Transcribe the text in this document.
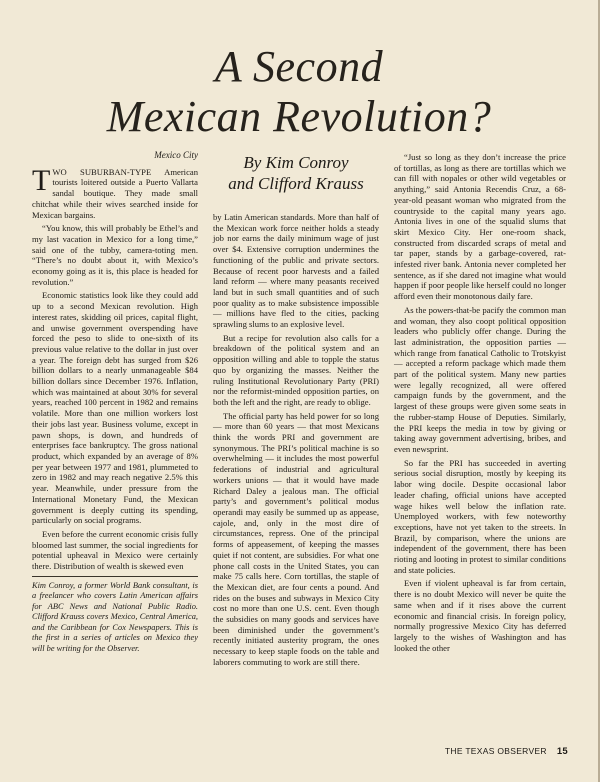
A Second
Mexican Revolution?
Mexico City

TWO SUBURBAN-TYPE American tourists loitered outside a Puerto Vallarta sandal boutique. They made small chitchat while their wives searched inside for Mexican bargains.

“You know, this will probably be Ethel’s and my last vacation in Mexico for a long time,” said one of the tubby, camera-toting men. “There’s no doubt about it, with Mexico’s economy going as it is, this place is headed for revolution.”

Economic statistics look like they could add up to a second Mexican revolution. High interest rates, skidding oil prices, capital flight, and unwise government overspending have forced the peso to slide to one-sixth of its previous value relative to the dollar in just over a year. The foreign debt has surged from $26 billion dollars to a nearly unmanageable $84 billion dollars since December 1976. Inflation, which was maintained at about 30% for several years, reached 100 percent in 1982 and remains volatile. More than one million workers lost their jobs last year. Business volume, except in pawn shops, is down, and hundreds of enterprises face bankruptcy. The gross national product, which expanded by an average of 8% per year between 1977 and 1981, plummeted to zero in 1982 and may reach negative 2.5% this year. Meanwhile, under pressure from the International Monetary Fund, the Mexican government is deeply cutting its spending, particularly on social programs.

Even before the current economic crisis fully bloomed last summer, the social ingredients for potential upheaval in Mexico were certainly there. Distribution of wealth is skewed even

Kim Conroy, a former World Bank consultant, is a freelancer who covers Latin American affairs for ABC News and National Public Radio. Clifford Krauss covers Mexico, Central America, and the Caribbean for Cox Newspapers. This is the first in a series of articles on Mexico they will be writing for the Observer.

By Kim Conroy
and Clifford Krauss

by Latin American standards. More than half of the Mexican work force neither holds a steady job nor earns the daily minimum wage of just over $4. Extensive corruption undermines the functioning of the public and private sectors. Because of recent poor harvests and a failed land reform — where many peasants received land but in such small quantities and of such poor quality as to make subsistence impossible — millions have fled to the cities, packing sprawling slums to an explosive level.

But a recipe for revolution also calls for a breakdown of the political system and an opposition willing and able to topple the status quo by organizing the masses. Neither the ruling Institutional Revolutionary Party (PRI) nor the reformist-minded opposition parties, on both the left and the right, are ready to oblige.

The official party has held power for so long — more than 60 years — that most Mexicans think the words PRI and government are synonymous. The PRI’s political machine is so overwhelming — it includes the most powerful federations of industrial and agricultural workers unions — that it would have made Richard Daley a jealous man. The official party’s and government’s political modus operandi may easily be summed up as appease, cajole, and, only in the most dire of circumstances, repress. One of the principal forms of appeasement, of keeping the masses quiet if not content, are subsidies. For what one phone call costs in the United States, you can make 75 calls here. Corn tortillas, the staple of the Mexican diet, are four cents a pound. And rides on the buses and subways in Mexico City cost no more than one U.S. cent. Even though the subsidies on many goods and services have been diminished under the government’s recently initiated austerity program, the ones necessary to keep staple foods on the table and laborers commuting to work are still there.

“Just so long as they don’t increase the price of tortillas, as long as there are tortillas which we can fill with nopales or other wild vegetables or anything,” said Antonia Recendis Cruz, a 68-year-old peasant woman who migrated from the countryside to the capital many years ago. Antonia lives in one of the squalid slums that skirt Mexico City. Her one-room shack, constructed from discarded scraps of metal and tar paper, stands by a garbage-covered, rat-infested river bank. Antonia never completed her sentence, as if she dared not imagine what would happen if poor people like herself could no longer afford even their monotonous daily fare.

As the powers-that-be pacify the common man and woman, they also coopt political opposition leaders who publicly offer change. During the last administration, the opposition parties — which range from fanatical Catholic to Trotskyist — accepted a reform package which made them part of the political system. Many new parties were legally recognized, all were offered campaign funds by the government, and the largest of these groups were given some seats in the rubber-stamp House of Deputies. Similarly, the PRI keeps the media in tow by giving or taking away government advertising, bribes, and even newsprint.

So far the PRI has succeeded in averting serious social disruption, mostly by keeping its labor wing docile. Despite occasional labor leader chafing, official unions have accepted wage hikes well below the inflation rate. Unemployed workers, with few noteworthy exceptions, have not yet taken to the streets. In Brazil, by comparison, where the unions are independent of the government, there has been rioting and looting in protest to similar conditions and state policies.

Even if violent upheaval is far from certain, there is no doubt Mexico will never be quite the same when and if it rises above the current economic and financial crisis. In foreign policy, normally progressive Mexico City has deferred largely to the wishes of Washington and has looked the other

THE TEXAS OBSERVER 15
